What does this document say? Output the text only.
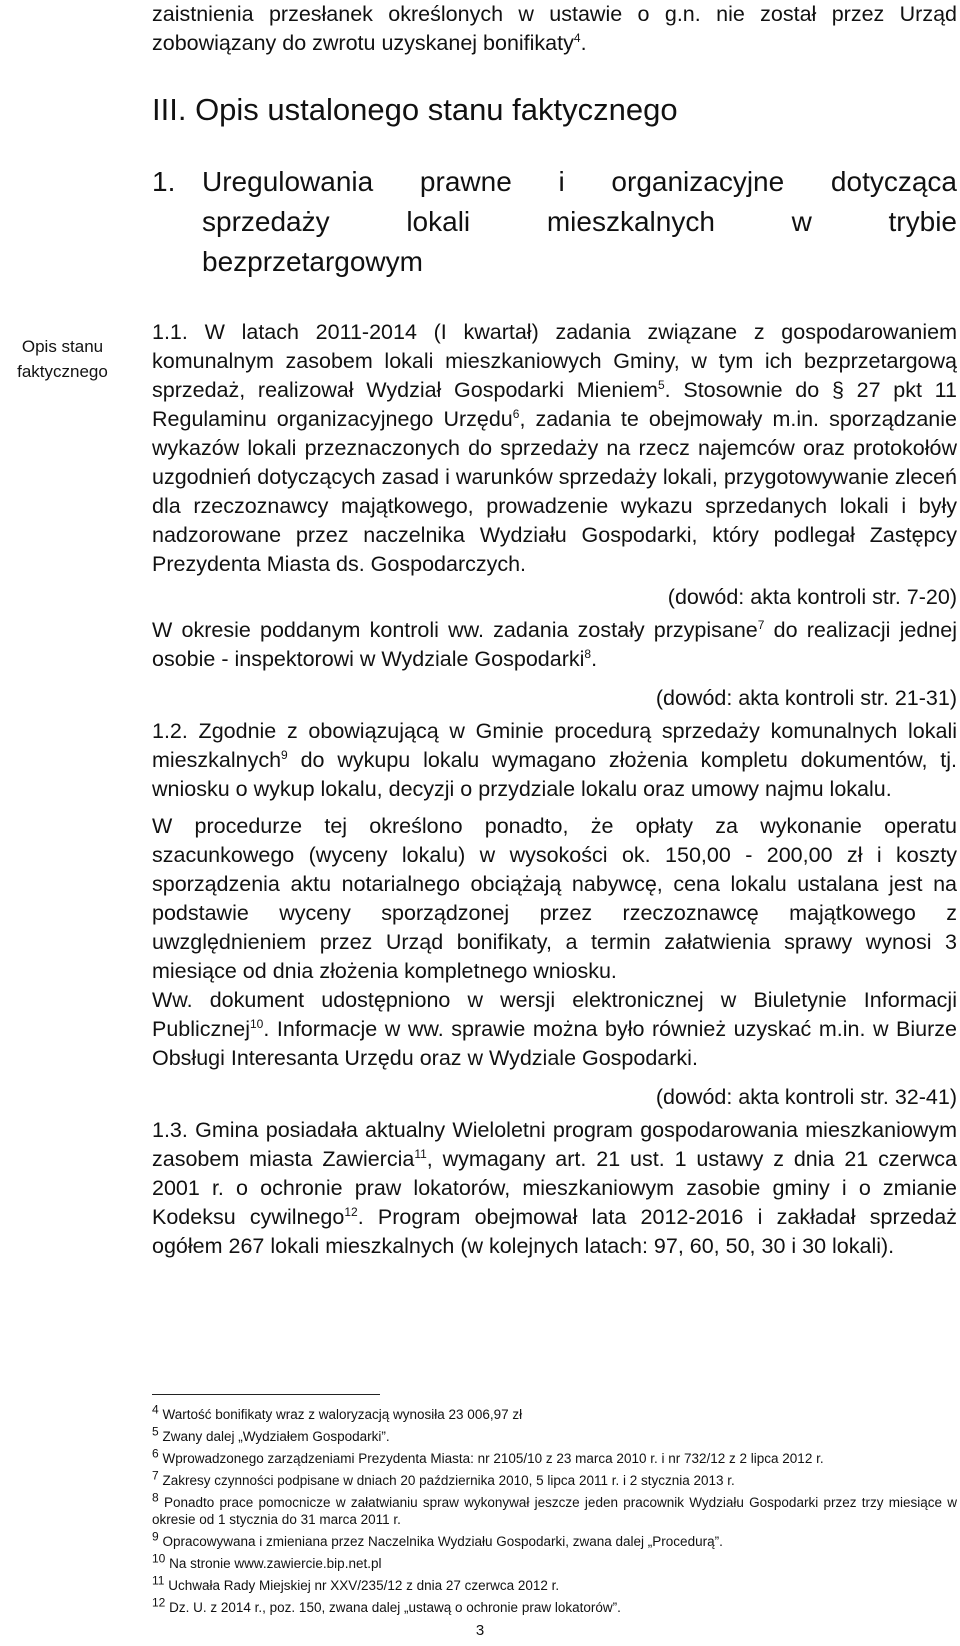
zaistnienia przesłanek określonych w ustawie o g.n. nie został przez Urząd

zobowiązany do zwrotu uzyskanej bonifikaty$^4$.

III. Opis ustalonego stanu faktycznego

1. Uregulowania prawne i organizacyjne dotycząca

sprzedaży lokali mieszkalnych w trybie

bezprzetargowym

Opis stanu
faktycznego

1.1. W latach 2011-2014 (I kwartał) zadania związane z gospodarowaniem komunalnym zasobem lokali mieszkaniowych Gminy, w tym ich bezprzetargową sprzedaż, realizował Wydział Gospodarki Mieniem$^5$. Stosownie do § 27 pkt 11 Regulaminu organizacyjnego Urzędu$^6$, zadania te obejmowały m.in. sporządzanie wykazów lokali przeznaczonych do sprzedaży na rzecz najemców oraz protokołów uzgodnień dotyczących zasad i warunków sprzedaży lokali, przygotowywanie zleceń dla rzeczoznawcy majątkowego, prowadzenie wykazu sprzedanych lokali i były nadzorowane przez naczelnika Wydziału Gospodarki, który podlegał Zastępcy Prezydenta Miasta ds. Gospodarczych.

(dowód: akta kontroli str. 7-20)

W okresie poddanym kontroli ww. zadania zostały przypisane$^7$ do realizacji jednej osobie - inspektorowi w Wydziale Gospodarki$^8$.

(dowód: akta kontroli str. 21-31)

1.2. Zgodnie z obowiązującą w Gminie procedurą sprzedaży komunalnych lokali mieszkalnych$^9$ do wykupu lokalu wymagano złożenia kompletu dokumentów, tj. wniosku o wykup lokalu, decyzji o przydziale lokalu oraz umowy najmu lokalu.

W procedurze tej określono ponadto, że opłaty za wykonanie operatu szacunkowego (wyceny lokalu) w wysokości ok. 150,00 - 200,00 zł i koszty sporządzenia aktu notarialnego obciążają nabywcę, cena lokalu ustalana jest na podstawie wyceny sporządzonej przez rzeczoznawcę majątkowego z uwzględnieniem przez Urząd bonifikaty, a termin załatwienia sprawy wynosi 3 miesiące od dnia złożenia kompletnego wniosku.

Ww. dokument udostępniono w wersji elektronicznej w Biuletynie Informacji Publicznej$^{10}$. Informacje w ww. sprawie można było również uzyskać m.in. w Biurze Obsługi Interesanta Urzędu oraz w Wydziale Gospodarki.

(dowód: akta kontroli str. 32-41)

1.3. Gmina posiadała aktualny Wieloletni program gospodarowania mieszkaniowym zasobem miasta Zawiercia$^{11}$, wymagany art. 21 ust. 1 ustawy z dnia 21 czerwca 2001 r. o ochronie praw lokatorów, mieszkaniowym zasobie gminy i o zmianie Kodeksu cywilnego$^{12}$. Program obejmował lata 2012-2016 i zakładał sprzedaż ogółem 267 lokali mieszkalnych (w kolejnych latach: 97, 60, 50, 30 i 30 lokali).

$^4$ Wartość bonifikaty wraz z waloryzacją wynosiła 23 006,97 zł

$^5$ Zwany dalej „Wydziałem Gospodarki”.

$^6$ Wprowadzonego zarządzeniami Prezydenta Miasta: nr 2105/10 z 23 marca 2010 r. i nr 732/12 z 2 lipca 2012 r.

$^7$ Zakresy czynności podpisane w dniach 20 października 2010, 5 lipca 2011 r. i 2 stycznia 2013 r.

$^8$ Ponadto prace pomocnicze w załatwianiu spraw wykonywał jeszcze jeden pracownik Wydziału Gospodarki przez trzy miesiące w okresie od 1 stycznia do 31 marca 2011 r.

$^9$ Opracowywana i zmieniana przez Naczelnika Wydziału Gospodarki, zwana dalej „Procedurą”.

$^{10}$ Na stronie www.zawiercie.bip.net.pl

$^{11}$ Uchwała Rady Miejskiej nr XXV/235/12 z dnia 27 czerwca 2012 r.

$^{12}$ Dz. U. z 2014 r., poz. 150, zwana dalej „ustawą o ochronie praw lokatorów”.

3
